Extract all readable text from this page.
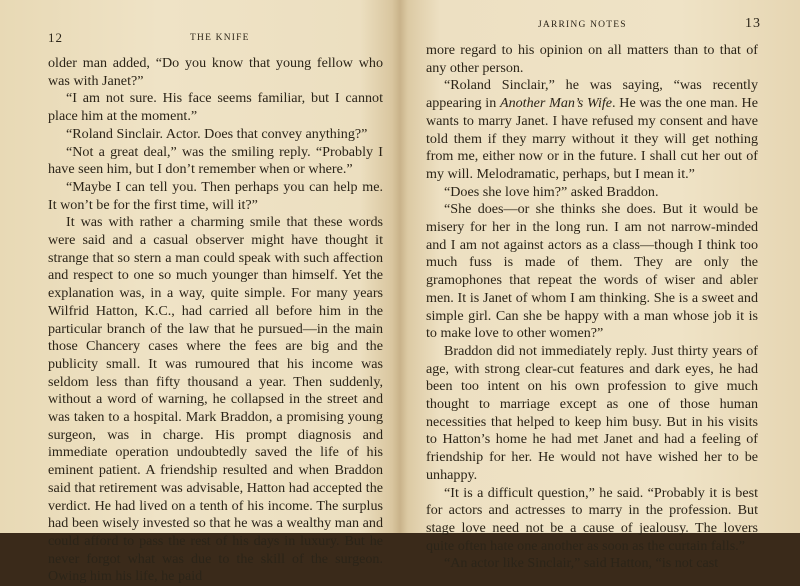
12	THE KNIFE

older man added, “Do you know that young fellow who was with Janet?”

“I am not sure. His face seems familiar, but I cannot place him at the moment.”

“Roland Sinclair. Actor. Does that convey anything?”

“Not a great deal,” was the smiling reply. “Probably I have seen him, but I don’t remember when or where.”

“Maybe I can tell you. Then perhaps you can help me. It won’t be for the first time, will it?”

It was with rather a charming smile that these words were said and a casual observer might have thought it strange that so stern a man could speak with such affection and respect to one so much younger than himself. Yet the explanation was, in a way, quite simple. For many years Wilfrid Hatton, K.C., had carried all before him in the particular branch of the law that he pursued—in the main those Chancery cases where the fees are big and the publicity small. It was rumoured that his income was seldom less than fifty thousand a year. Then suddenly, without a word of warning, he collapsed in the street and was taken to a hospital. Mark Braddon, a promising young surgeon, was in charge. His prompt diagnosis and immediate operation undoubtedly saved the life of his eminent patient. A friendship resulted and when Braddon said that retirement was advisable, Hatton had accepted the verdict. He had lived on a tenth of his income. The surplus had been wisely invested so that he was a wealthy man and could afford to pass the rest of his days in luxury. But he never forgot what was due to the skill of the surgeon. Owing him his life, he paid

JARRING NOTES	13

more regard to his opinion on all matters than to that of any other person.

“Roland Sinclair,” he was saying, “was recently appearing in Another Man’s Wife. He was the one man. He wants to marry Janet. I have refused my consent and have told them if they marry without it they will get nothing from me, either now or in the future. I shall cut her out of my will. Melodramatic, perhaps, but I mean it.”

“Does she love him?” asked Braddon.

“She does—or she thinks she does. But it would be misery for her in the long run. I am not narrow-minded and I am not against actors as a class—though I think too much fuss is made of them. They are only the gramophones that repeat the words of wiser and abler men. It is Janet of whom I am thinking. She is a sweet and simple girl. Can she be happy with a man whose job it is to make love to other women?”

Braddon did not immediately reply. Just thirty years of age, with strong clear-cut features and dark eyes, he had been too intent on his own profession to give much thought to marriage except as one of those human necessities that helped to keep him busy. But in his visits to Hatton’s home he had met Janet and had a feeling of friendship for her. He would not have wished her to be unhappy.

“It is a difficult question,” he said. “Probably it is best for actors and actresses to marry in the profession. But stage love need not be a cause of jealousy. The lovers quite often hate one another as soon as the curtain falls.”

“An actor like Sinclair,” said Hatton, “is not cast
